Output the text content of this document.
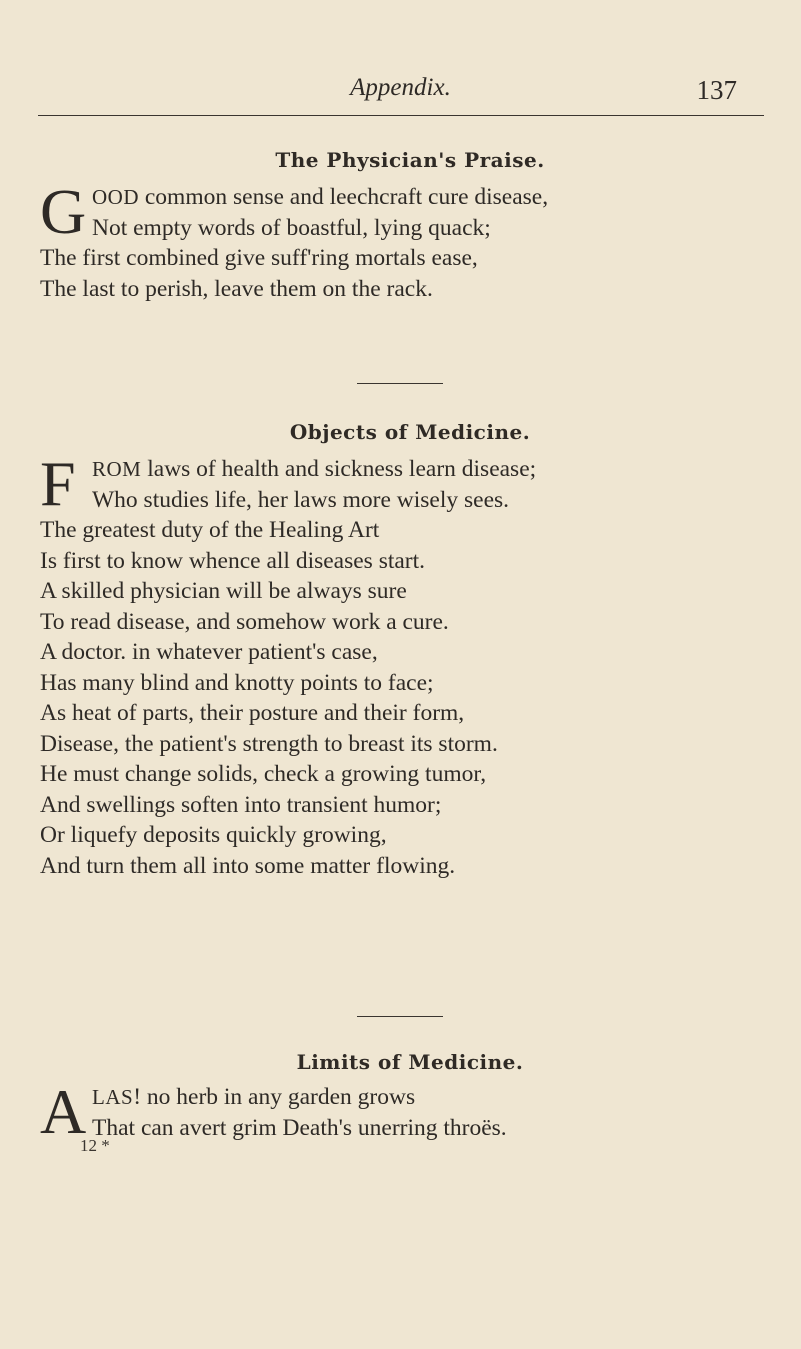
Appendix.	137
The Physician's Praise.
G OOD common sense and leechcraft cure disease,
Not empty words of boastful, lying quack;
The first combined give suff'ring mortals ease,
The last to perish, leave them on the rack.
Objects of Medicine.
F ROM laws of health and sickness learn disease;
Who studies life, her laws more wisely sees.
The greatest duty of the Healing Art
Is first to know whence all diseases start.
A skilled physician will be always sure
To read disease, and somehow work a cure.
A doctor. in whatever patient's case,
Has many blind and knotty points to face;
As heat of parts, their posture and their form,
Disease, the patient's strength to breast its storm.
He must change solids, check a growing tumor,
And swellings soften into transient humor;
Or liquefy deposits quickly growing,
And turn them all into some matter flowing.
Limits of Medicine.
A LAS! no herb in any garden grows
That can avert grim Death's unerring throës.
12 *
